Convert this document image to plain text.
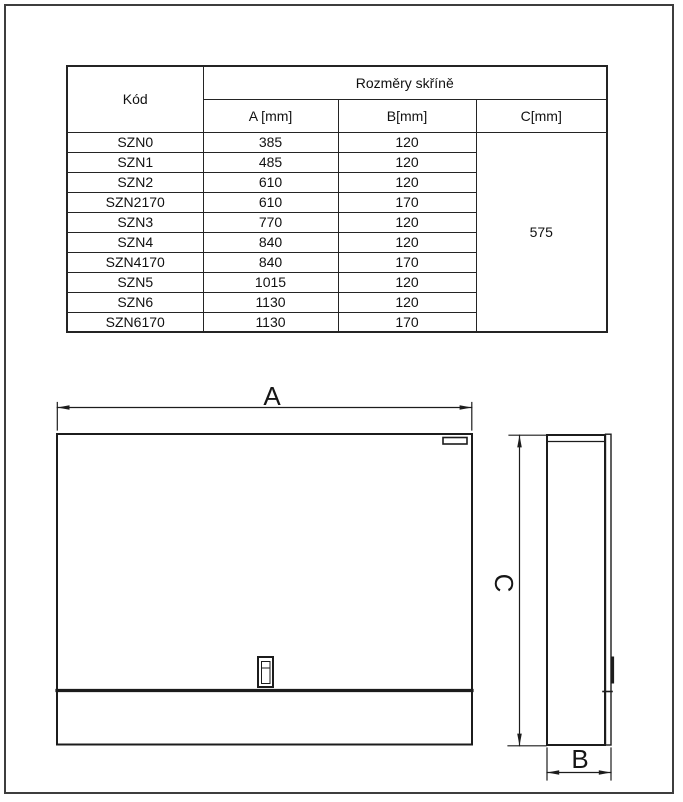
Kód	Rozměry skříně		
	A [mm]	B[mm]	C[mm]
SZN0	385	120	575
SZN1	485	120	
SZN2	610	120	
SZN2170	610	170	
SZN3	770	120	
SZN4	840	120	
SZN4170	840	170	
SZN5	1015	120	
SZN6	1130	120	
SZN6170	1130	170	
A
C
B
